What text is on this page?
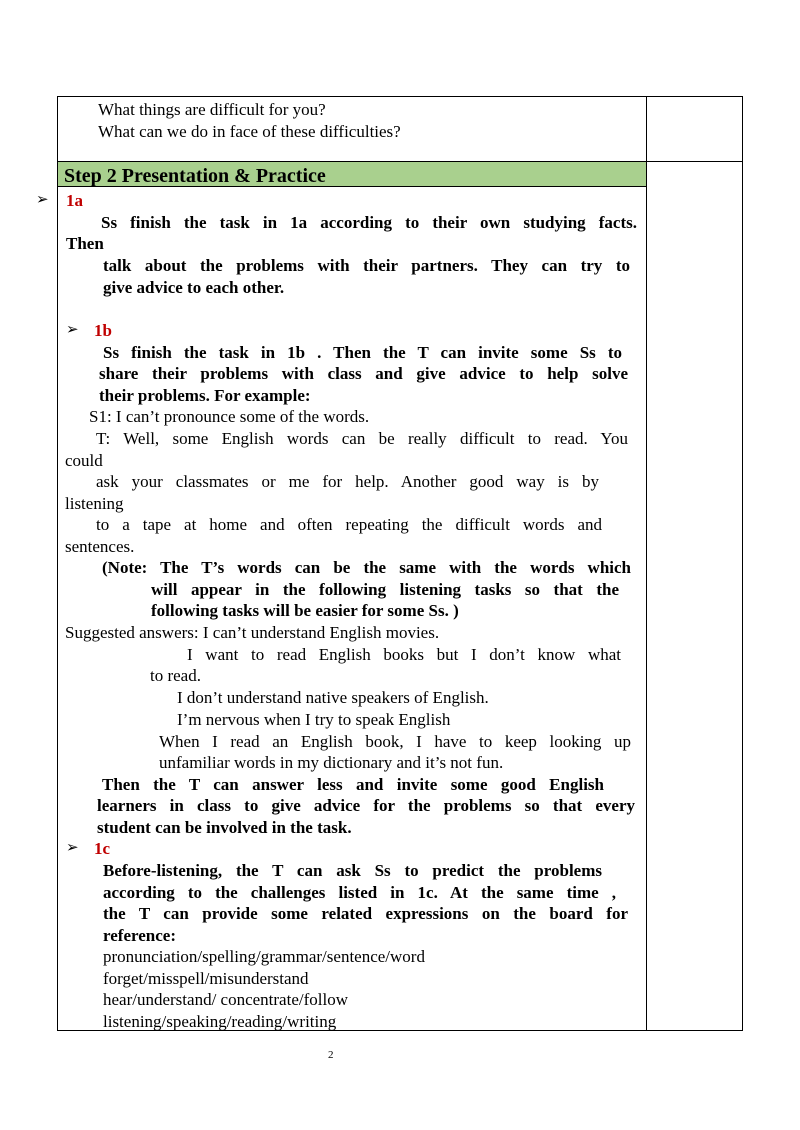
What things are difficult for you?
What can we do in face of these difficulties?
Step 2 Presentation & Practice
➢ 1a
Ss finish the task in 1a according to their own studying facts.
Then
talk about the problems with their partners. They can try to
give advice to each other.
➢ 1b
Ss finish the task in 1b . Then the T can invite some Ss to
share their problems with class and give advice to help solve
their problems. For example:
S1: I can’t pronounce some of the words.
T: Well, some English words can be really difficult to read. You
could
ask your classmates or me for help. Another good way is by
listening
to a tape at home and often repeating the difficult words and
sentences.
(Note: The T’s words can be the same with the words which
will appear in the following listening tasks so that the
following tasks will be easier for some Ss. )
Suggested answers: I can’t understand English movies.
I want to read English books but I don’t know what
to read.
I don’t understand native speakers of English.
I’m nervous when I try to speak English
When I read an English book, I have to keep looking up
unfamiliar words in my dictionary and it’s not fun.
Then the T can answer less and invite some good English
learners in class to give advice for the problems so that every
student can be involved in the task.
➢ 1c
Before-listening, the T can ask Ss to predict the problems
according to the challenges listed in 1c. At the same time ,
the T can provide some related expressions on the board for
reference:
pronunciation/spelling/grammar/sentence/word
forget/misspell/misunderstand
hear/understand/ concentrate/follow
listening/speaking/reading/writing
2
